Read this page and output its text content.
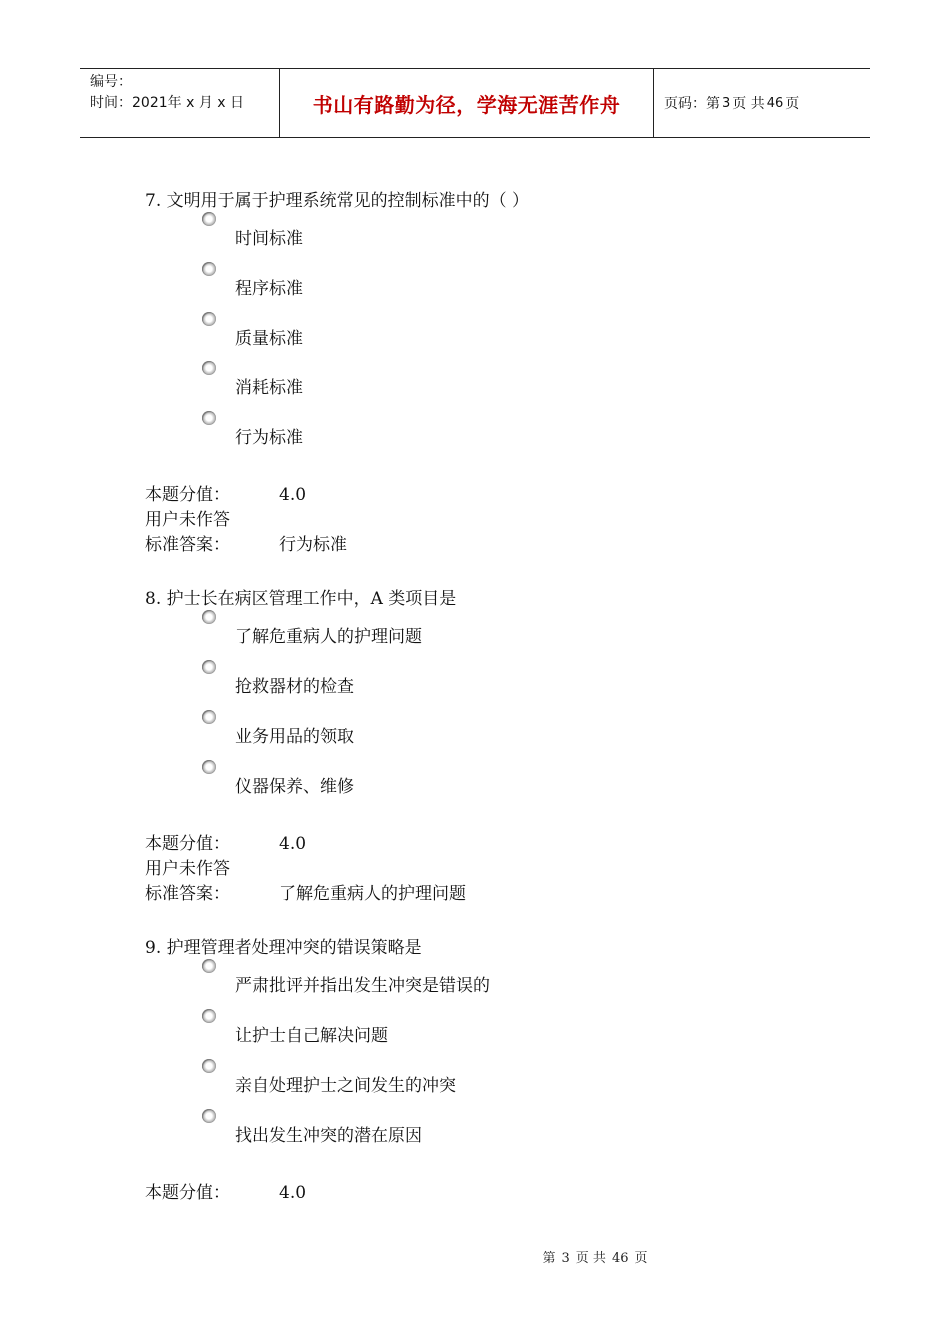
编号：
时间：2021年 x 月 x 日	书山有路勤为径，学海无涯苦作舟	页码：第 3 页 共 46 页
7. 文明用于属于护理系统常见的控制标准中的（ ）
时间标准
程序标准
质量标准
消耗标准
行为标准
本题分值：	4.0
用户未作答
标准答案：	行为标准
8. 护士长在病区管理工作中，A 类项目是
了解危重病人的护理问题
抢救器材的检查
业务用品的领取
仪器保养、维修
本题分值：	4.0
用户未作答
标准答案：	了解危重病人的护理问题
9. 护理管理者处理冲突的错误策略是
严肃批评并指出发生冲突是错误的
让护士自己解决问题
亲自处理护士之间发生的冲突
找出发生冲突的潜在原因
本题分值：	4.0
第 3 页 共 46 页
